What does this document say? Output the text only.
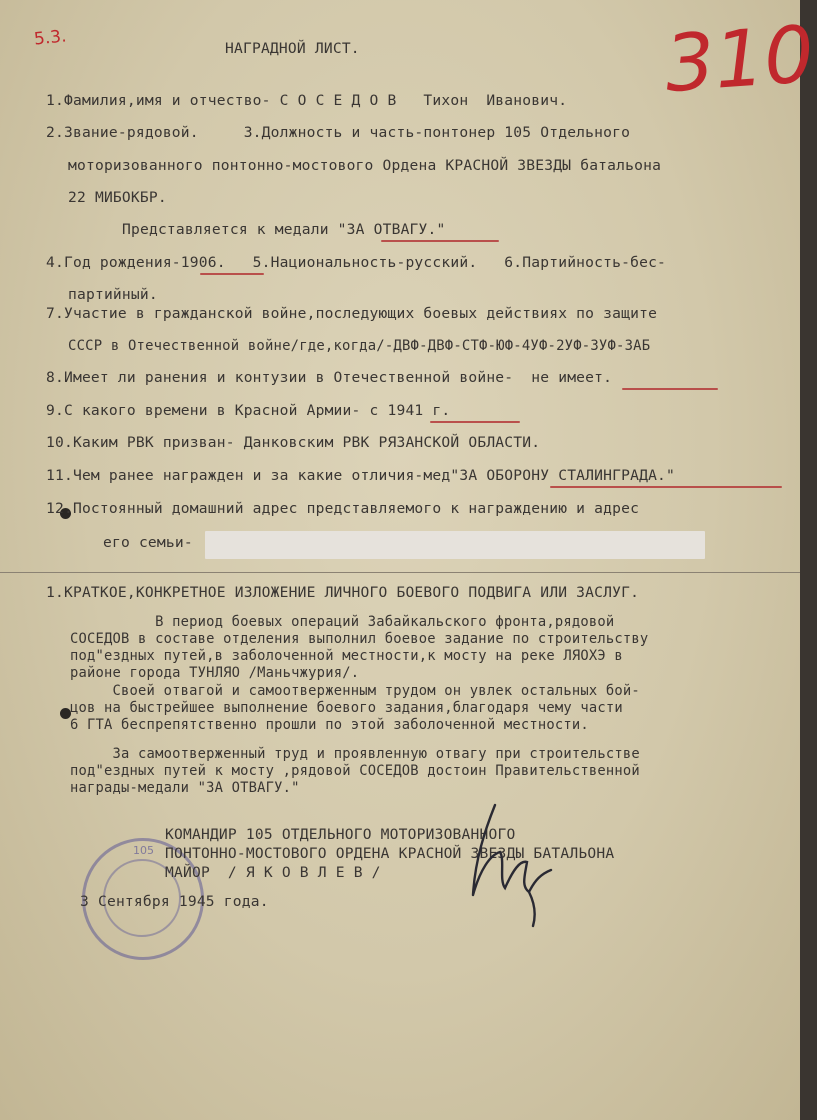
5.3.	НАГРАДНОЙ ЛИСТ.	310
1.Фамилия,имя и отчество- С О С Е Д О В   Тихон  Иванович.
2.Звание-рядовой.     3.Должность и часть-понтонер 105 Отдельного
моторизованного понтонно-мостового Ордена КРАСНОЙ ЗВЕЗДЫ батальона
22 МИБОКБР.
Представляется к медали "ЗА ОТВАГУ."
4.Год рождения-1906.   5.Национальность-русский.   6.Партийность-бес-
партийный.
7.Участие в гражданской войне,последующих боевых действиях по защите
СССР в Отечественной войне/где,когда/-ДВФ-ДВФ-СТФ-ЮФ-4УФ-2УФ-3УФ-ЗАБ
8.Имеет ли ранения и контузии в Отечественной войне-  не имеет.
9.С какого времени в Красной Армии- с 1941 г.
10.Каким РВК призван- Данковским РВК РЯЗАНСКОЙ ОБЛАСТИ.
11.Чем ранее награжден и за какие отличия-мед"ЗА ОБОРОНУ СТАЛИНГРАДА."
12.Постоянный домашний адрес представляемого к награждению и адрес
его семьи-
1.КРАТКОЕ,КОНКРЕТНОЕ ИЗЛОЖЕНИЕ ЛИЧНОГО БОЕВОГО ПОДВИГА ИЛИ ЗАСЛУГ.
В период боевых операций Забайкальского фронта,рядовой
СОСЕДОВ в составе отделения выполнил боевое задание по строительству
под"ездных путей,в заболоченной местности,к мосту на реке ЛЯОХЭ в
районе города ТУНЛЯО /Маньчжурия/.
Своей отвагой и самоотверженным трудом он увлек остальных бой-
цов на быстрейшее выполнение боевого задания,благодаря чему части
6 ГТА беспрепятственно прошли по этой заболоченной местности.
За самоотверженный труд и проявленную отвагу при строительстве
под"ездных путей к мосту ,рядовой СОСЕДОВ достоин Правительственной
награды-медали "ЗА ОТВАГУ."
105
КОМАНДИР 105 ОТДЕЛЬНОГО МОТОРИЗОВАННОГО
ПОНТОННО-МОСТОВОГО ОРДЕНА КРАСНОЙ ЗВЕЗДЫ БАТАЛЬОНА
МАЙОР  / Я К О В Л Е В /
3 Сентября 1945 года.
